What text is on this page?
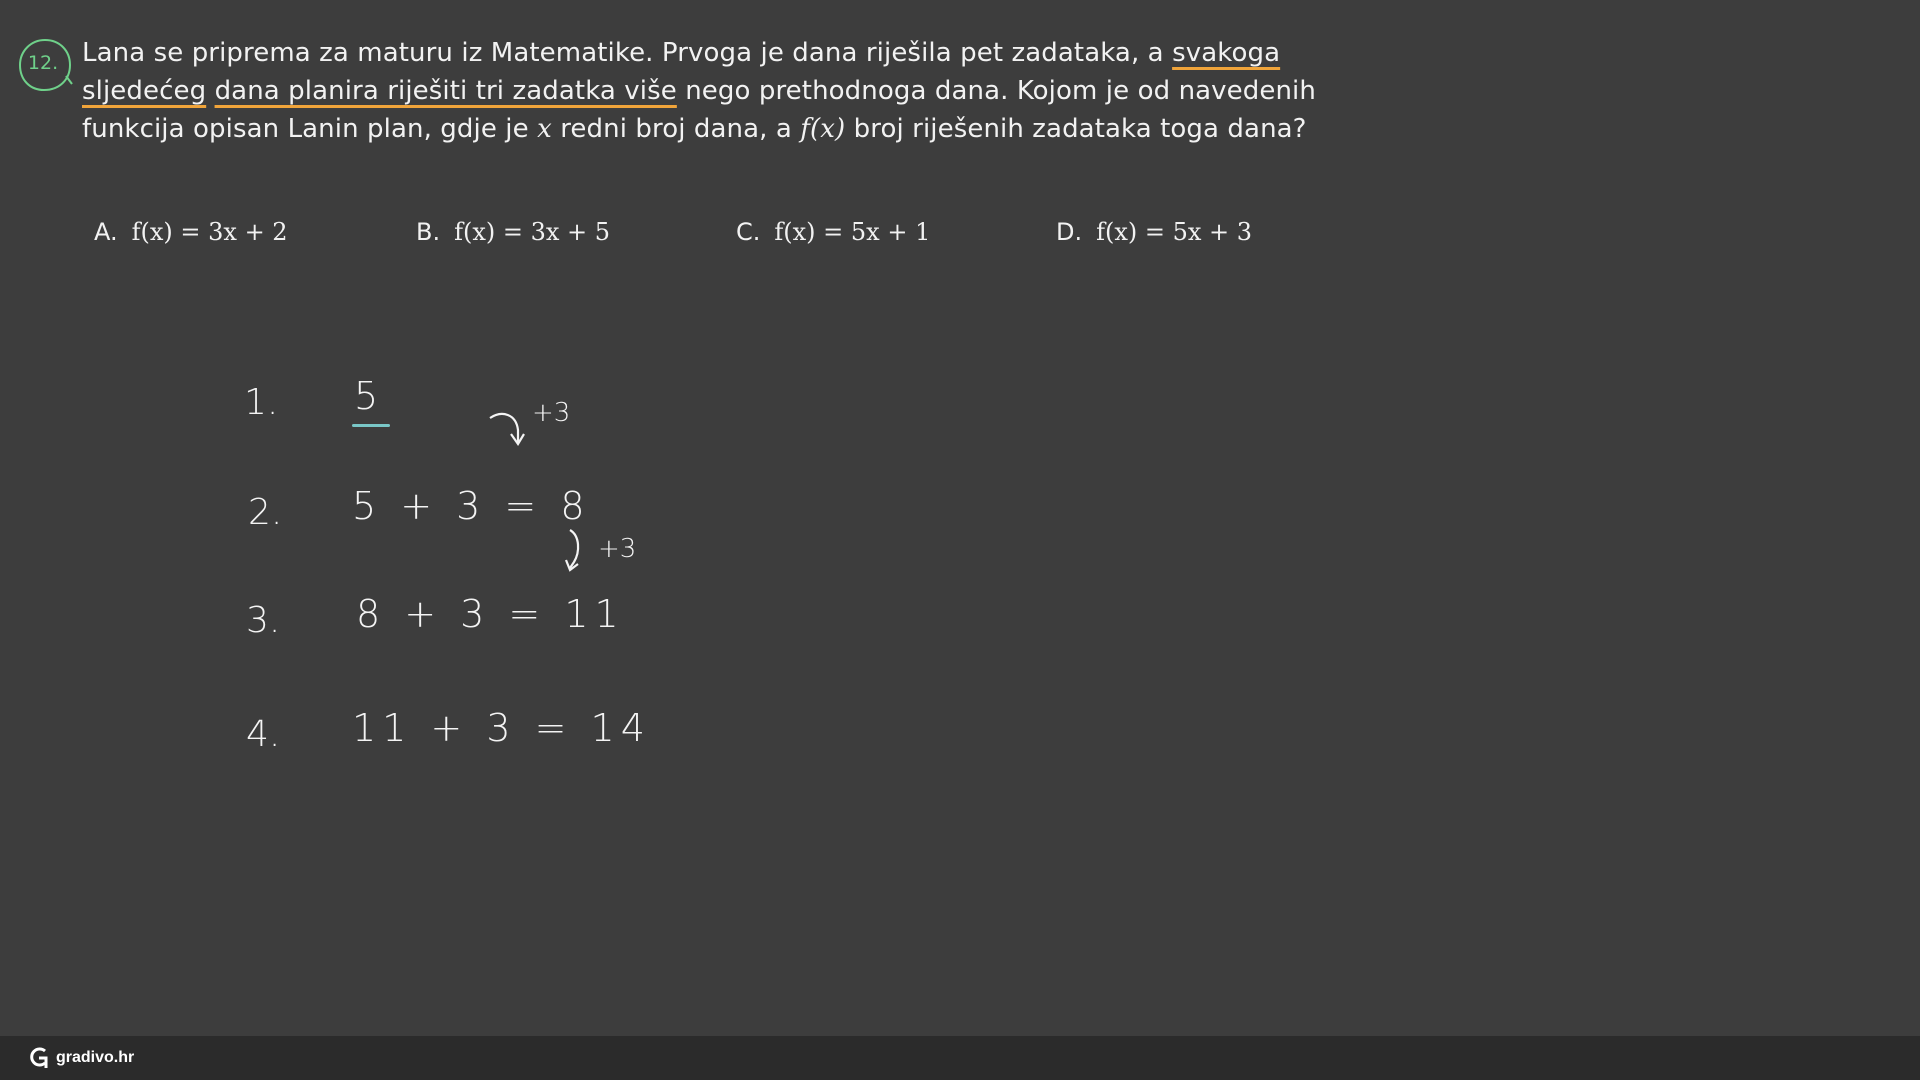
12. Lana se priprema za maturu iz Matematike. Prvoga je dana riješila pet zadataka, a svakoga sljedećeg dana planira riješiti tri zadatka više nego prethodnoga dana. Kojom je od navedenih funkcija opisan Lanin plan, gdje je x redni broj dana, a f(x) broj riješenih zadataka toga dana?
A. f(x) = 3x + 2	B. f(x) = 3x + 5	C. f(x) = 5x + 1	D. f(x) = 5x + 3
1. 5	+3
2. 5 + 3 = 8
+3
3. 8 + 3 = 11
4. 11 + 3 = 14
gradivo.hr
